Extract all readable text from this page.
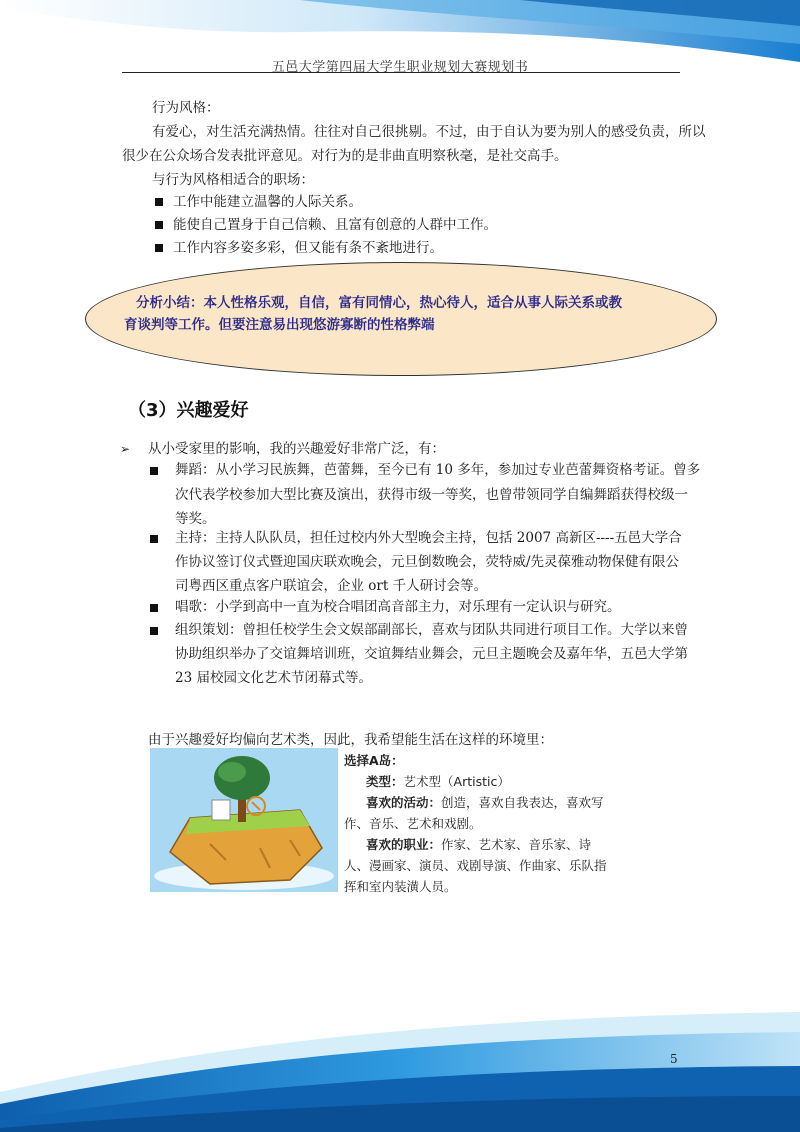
五邑大学第四届大学生职业规划大赛规划书
行为风格：
有爱心，对生活充满热情。往往对自己很挑剔。不过，由于自认为要为别人的感受负责，所以
很少在公众场合发表批评意见。对行为的是非曲直明察秋毫，是社交高手。
与行为风格相适合的职场：
工作中能建立温馨的人际关系。
能使自己置身于自己信赖、且富有创意的人群中工作。
工作内容多姿多彩，但又能有条不紊地进行。
分析小结：本人性格乐观，自信，富有同情心，热心待人，适合从事人际关系或教
育谈判等工作。但要注意易出现悠游寡断的性格弊端
（3）兴趣爱好
➢ 从小受家里的影响，我的兴趣爱好非常广泛，有：
舞蹈：从小学习民族舞，芭蕾舞，至今已有 10 多年，参加过专业芭蕾舞资格考证。曾多
次代表学校参加大型比赛及演出，获得市级一等奖，也曾带领同学自编舞蹈获得校级一
等奖。
主持：主持人队队员，担任过校内外大型晚会主持，包括 2007 高新区----五邑大学合
作协议签订仪式暨迎国庆联欢晚会，元旦倒数晚会，荧特威/先灵葆雅动物保健有限公
司粤西区重点客户联谊会，企业 ort 千人研讨会等。
唱歌：小学到高中一直为校合唱团高音部主力，对乐理有一定认识与研究。
组织策划：曾担任校学生会文娱部副部长，喜欢与团队共同进行项目工作。大学以来曾
协助组织举办了交谊舞培训班，交谊舞结业舞会，元旦主题晚会及嘉年华，五邑大学第
23 届校园文化艺术节闭幕式等。
由于兴趣爱好均偏向艺术类，因此，我希望能生活在这样的环境里：
选择A岛：
类型：艺术型（Artistic）
喜欢的活动：创造，喜欢自我表达，喜欢写
作、音乐、艺术和戏剧。
喜欢的职业：作家、艺术家、音乐家、诗
人、漫画家、演员、戏剧导演、作曲家、乐队指
挥和室内装潢人员。
5
